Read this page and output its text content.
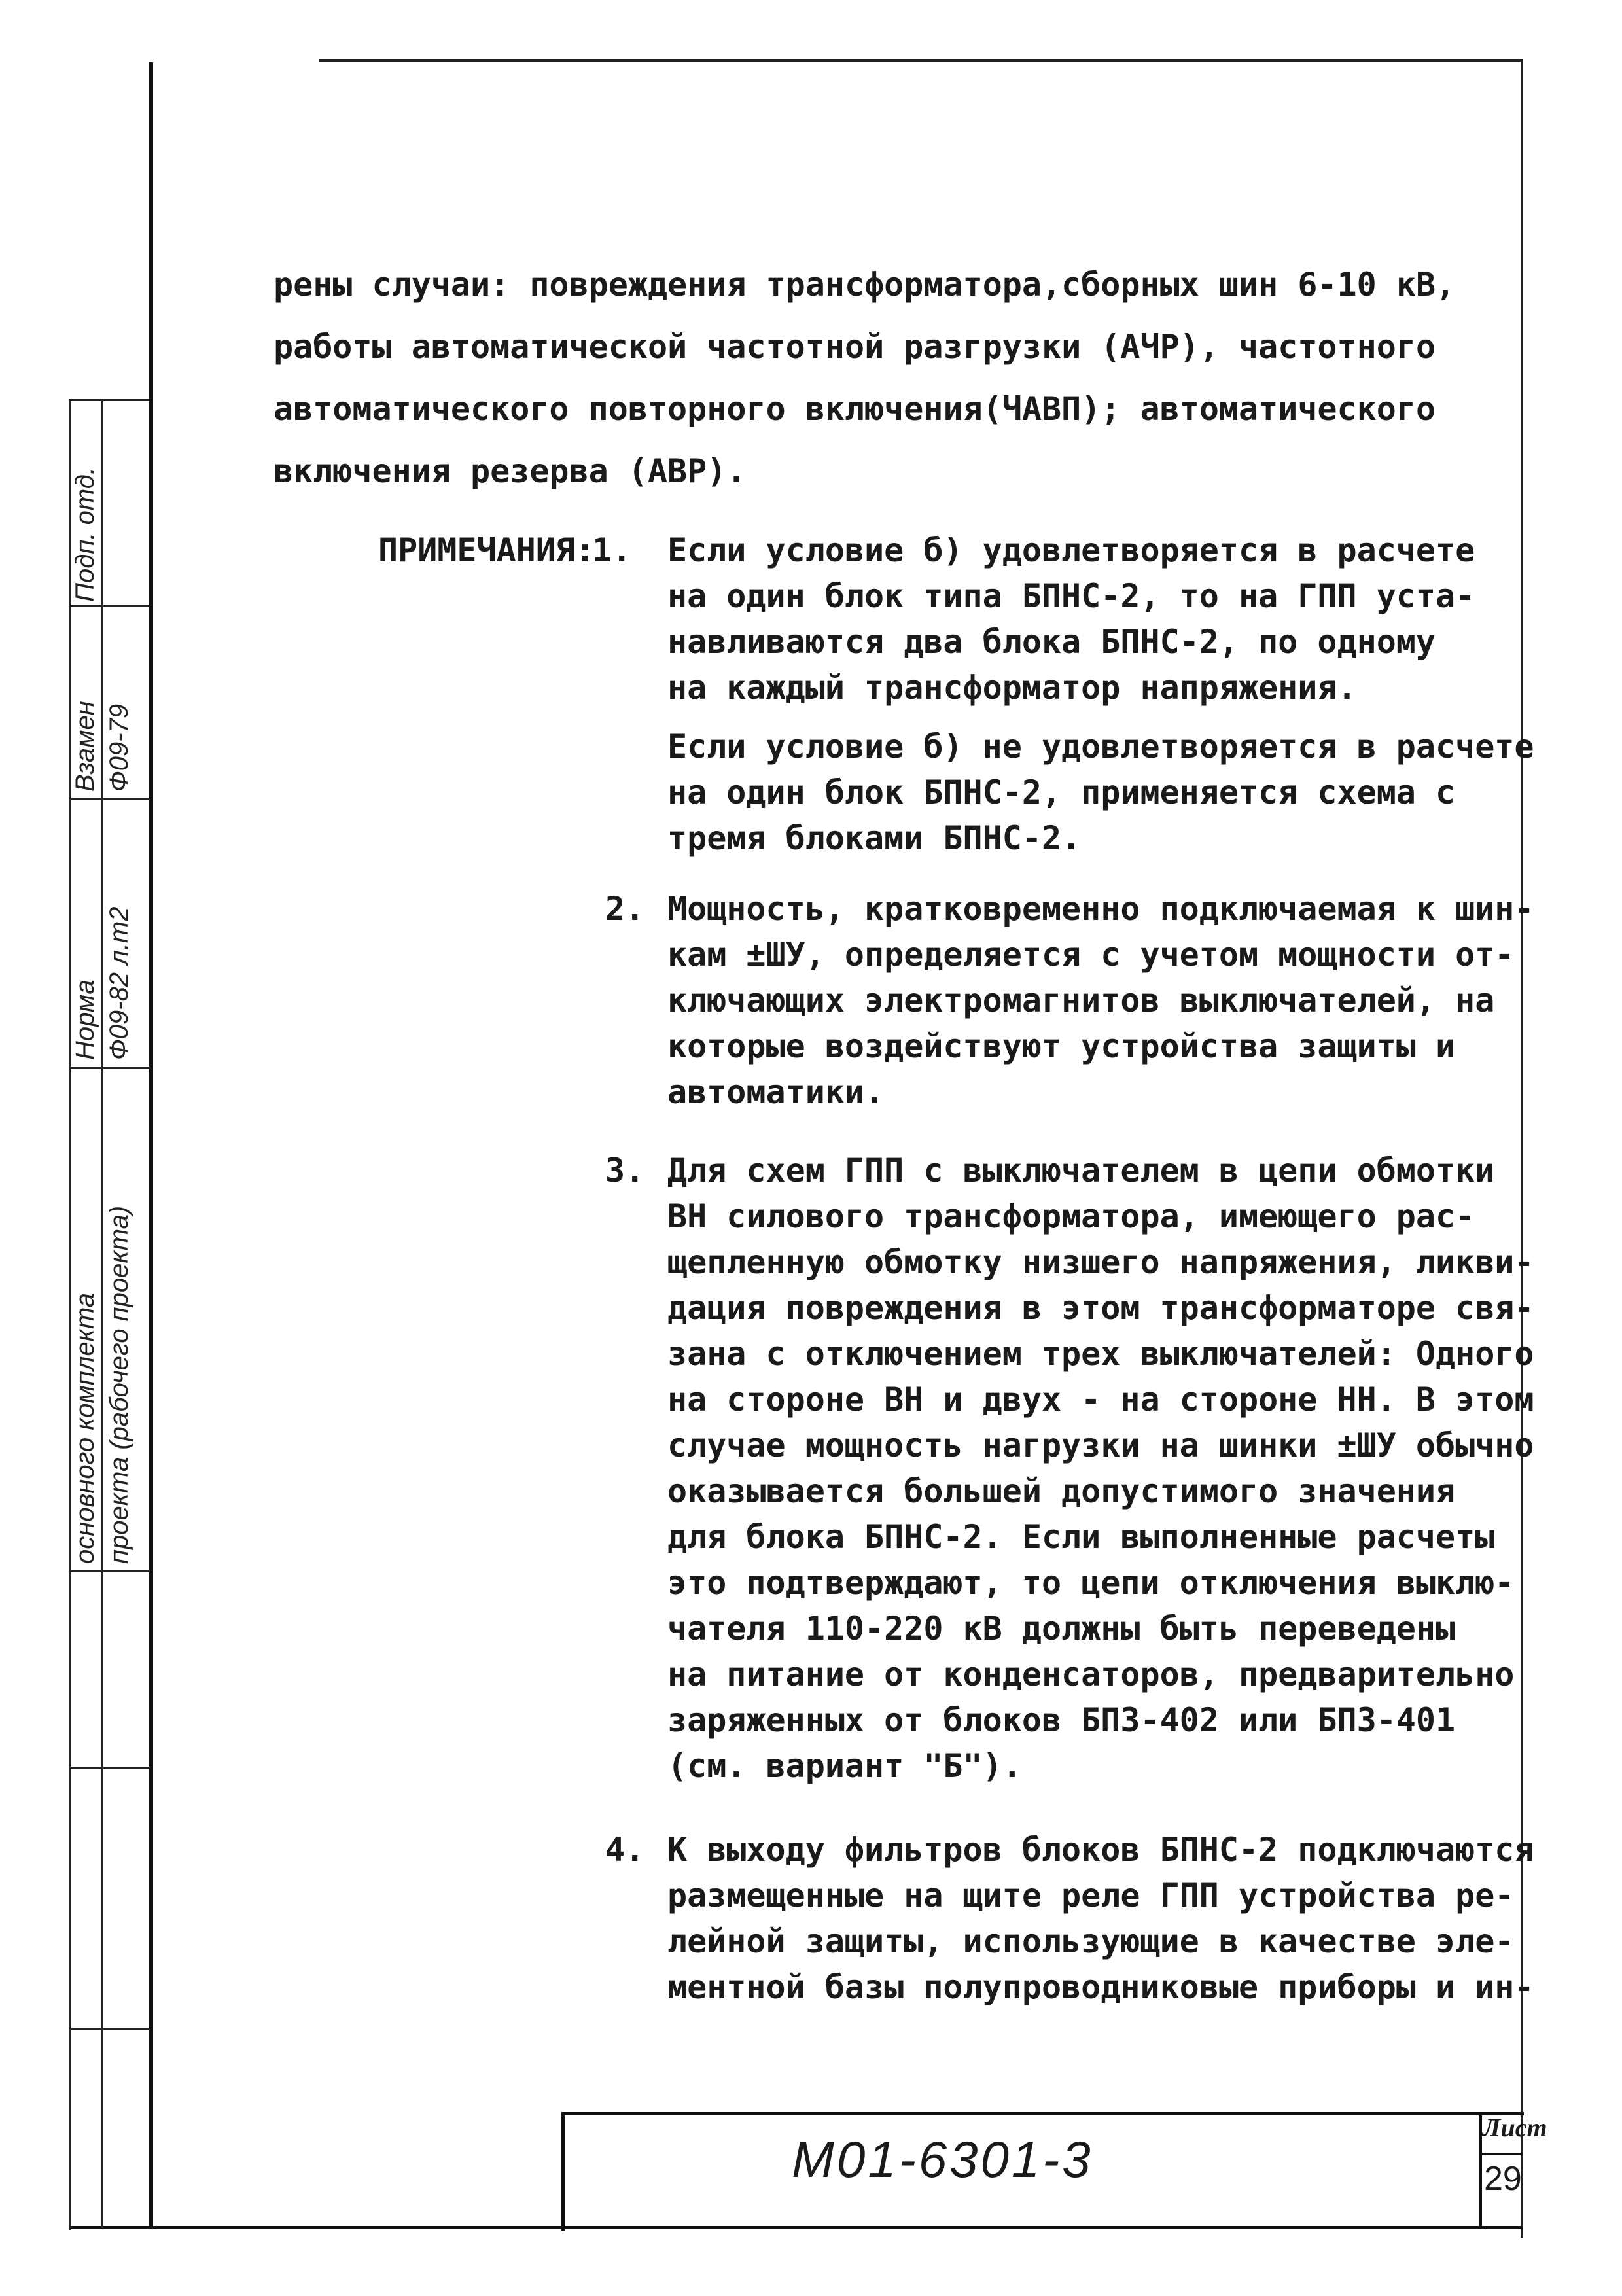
Подп. отд.
Взамен Ф09-79
Норма Ф09-82 л.т2
основного комплекта проекта (рабочего проекта)
рены случаи: повреждения трансформатора,сборных шин 6-10 кВ,
работы автоматической частотной разгрузки (АЧР), частотного
автоматического повторного включения(ЧАВП); автоматического
включения резерва (АВР).
ПРИМЕЧАНИЯ:
1. Если условие б) удовлетворяется в расчете
на один блок типа БПНС-2, то на ГПП уста-
навливаются два блока БПНС-2, по одному
на каждый трансформатор напряжения.
Если условие б) не удовлетворяется в расчете
на один блок БПНС-2, применяется схема с
тремя блоками БПНС-2.
2. Мощность, кратковременно подключаемая к шин-
кам ±ШУ, определяется с учетом мощности от-
ключающих электромагнитов выключателей, на
которые воздействуют устройства защиты и
автоматики.
3. Для схем ГПП с выключателем в цепи обмотки
ВН силового трансформатора, имеющего рас-
щепленную обмотку низшего напряжения, ликви-
дация повреждения в этом трансформаторе свя-
зана с отключением трех выключателей: Одного
на стороне ВН и двух - на стороне НН. В этом
случае мощность нагрузки на шинки ±ШУ обычно
оказывается большей допустимого значения
для блока БПНС-2. Если выполненные расчеты
это подтверждают, то цепи отключения выклю-
чателя 110-220 кВ должны быть переведены
на питание от конденсаторов, предварительно
заряженных от блоков БПЗ-402 или БПЗ-401
(см. вариант "Б").
4. К выходу фильтров блоков БПНС-2 подключаются
размещенные на щите реле ГПП устройства ре-
лейной защиты, использующие в качестве эле-
ментной базы полупроводниковые приборы и ин-
М01-6301-3
Лист
29
